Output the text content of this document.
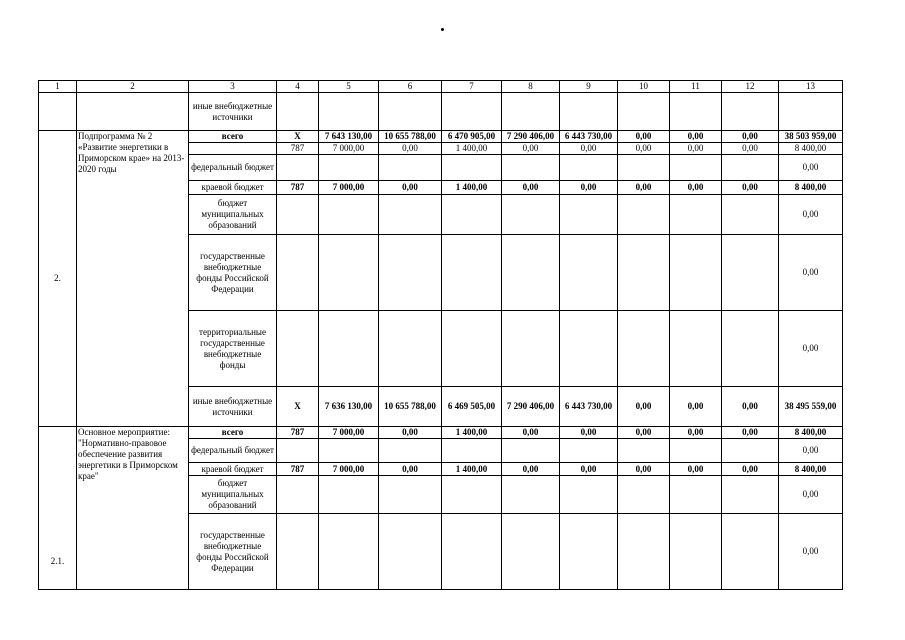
1	2	3	4	5	6	7	8	9	10	11	12	13
		иные внебюджетные источники										
2.	Подпрограмма № 2 «Развитие энергетики в Приморском крае» на 2013-2020 годы	всего	X	7 643 130,00	10 655 788,00	6 470 905,00	7 290 406,00	6 443 730,00	0,00	0,00	0,00	38 503 959,00
			787	7 000,00	0,00	1 400,00	0,00	0,00	0,00	0,00	0,00	8 400,00
		федеральный бюджет										0,00
		краевой бюджет	787	7 000,00	0,00	1 400,00	0,00	0,00	0,00	0,00	0,00	8 400,00
		бюджет муниципальных образований										0,00
		государственные внебюджетные фонды Российской Федерации										0,00
		территориальные государственные внебюджетные фонды										0,00
		иные внебюджетные источники	X	7 636 130,00	10 655 788,00	6 469 505,00	7 290 406,00	6 443 730,00	0,00	0,00	0,00	38 495 559,00
2.1.	Основное мероприятие: "Нормативно-правовое обеспечение развития энергетики в Приморском крае"	всего	787	7 000,00	0,00	1 400,00	0,00	0,00	0,00	0,00	0,00	8 400,00
		федеральный бюджет										0,00
		краевой бюджет	787	7 000,00	0,00	1 400,00	0,00	0,00	0,00	0,00	0,00	8 400,00
		бюджет муниципальных образований										0,00
		государственные внебюджетные фонды Российской Федерации										0,00
